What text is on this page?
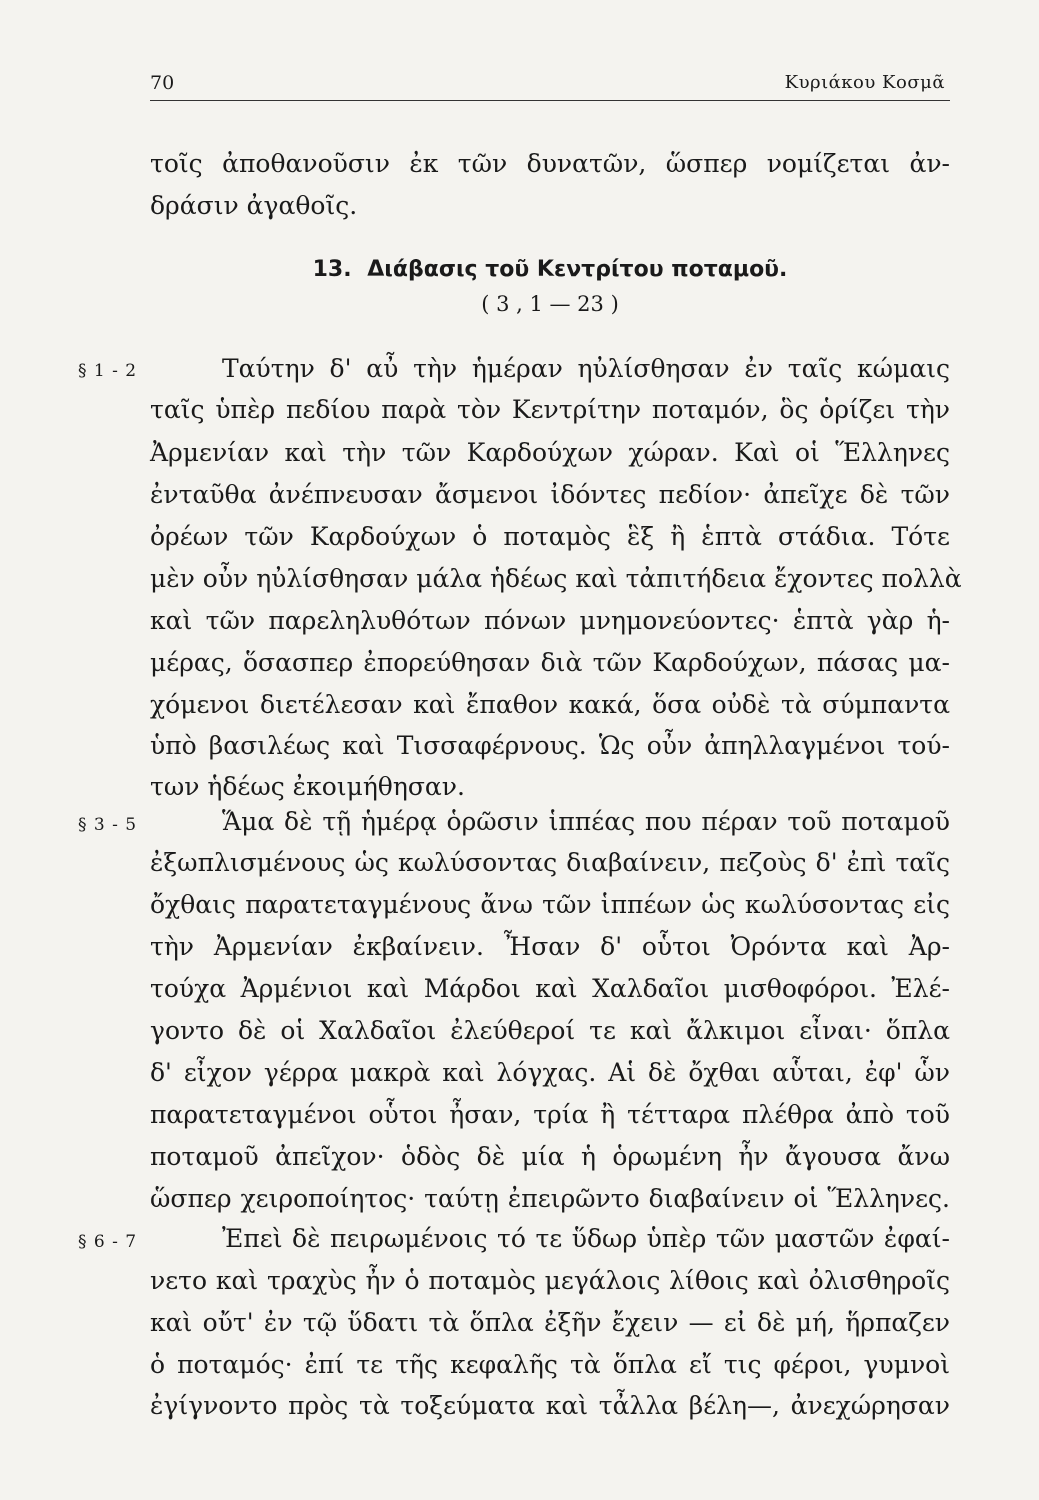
70	Κυριάκου Κοσμᾶ
τοῖς ἀποθανοῦσιν ἐκ τῶν δυνατῶν, ὥσπερ νομίζεται ἀν-
δράσιν ἀγαθοῖς.
13. Διάβασις τοῦ Κεντρίτου ποταμοῦ.
( 3 , 1 — 23 )
§ 1 - 2	Ταύτην δ' αὖ τὴν ἡμέραν ηὐλίσθησαν ἐν ταῖς κώμαις
ταῖς ὑπὲρ πεδίου παρὰ τὸν Κεντρίτην ποταμόν, ὃς ὁρίζει τὴν
Ἀρμενίαν καὶ τὴν τῶν Καρδούχων χώραν. Καὶ οἱ Ἕλληνες
ἐνταῦθα ἀνέπνευσαν ἄσμενοι ἰδόντες πεδίον· ἀπεῖχε δὲ τῶν
ὀρέων τῶν Καρδούχων ὁ ποταμὸς ἓξ ἢ ἑπτὰ στάδια. Τότε
μὲν οὖν ηὐλίσθησαν μάλα ἡδέως καὶ τἀπιτήδεια ἔχοντες πολλὰ
καὶ τῶν παρεληλυθότων πόνων μνημονεύοντες· ἑπτὰ γὰρ ἡ-
μέρας, ὅσασπερ ἐπορεύθησαν διὰ τῶν Καρδούχων, πάσας μα-
χόμενοι διετέλεσαν καὶ ἔπαθον κακά, ὅσα οὐδὲ τὰ σύμπαντα
ὑπὸ βασιλέως καὶ Τισσαφέρνους. Ὡς οὖν ἀπηλλαγμένοι τού-
των ἡδέως ἐκοιμήθησαν.
§ 3 - 5	Ἅμα δὲ τῇ ἡμέρᾳ ὁρῶσιν ἱππέας που πέραν τοῦ ποταμοῦ
ἐξωπλισμένους ὡς κωλύσοντας διαβαίνειν, πεζοὺς δ' ἐπὶ ταῖς
ὄχθαις παρατεταγμένους ἄνω τῶν ἱππέων ὡς κωλύσοντας εἰς
τὴν Ἀρμενίαν ἐκβαίνειν. Ἦσαν δ' οὗτοι Ὀρόντα καὶ Ἀρ-
τούχα Ἀρμένιοι καὶ Μάρδοι καὶ Χαλδαῖοι μισθοφόροι. Ἐλέ-
γοντο δὲ οἱ Χαλδαῖοι ἐλεύθεροί τε καὶ ἄλκιμοι εἶναι· ὅπλα
δ' εἶχον γέρρα μακρὰ καὶ λόγχας. Αἱ δὲ ὄχθαι αὗται, ἐφ' ὧν
παρατεταγμένοι οὗτοι ἦσαν, τρία ἢ τέτταρα πλέθρα ἀπὸ τοῦ
ποταμοῦ ἀπεῖχον· ὁδὸς δὲ μία ἡ ὁρωμένη ἦν ἄγουσα ἄνω
ὥσπερ χειροποίητος· ταύτῃ ἐπειρῶντο διαβαίνειν οἱ Ἕλληνες.
§ 6 - 7	Ἐπεὶ δὲ πειρωμένοις τό τε ὕδωρ ὑπὲρ τῶν μαστῶν ἐφαί-
νετο καὶ τραχὺς ἦν ὁ ποταμὸς μεγάλοις λίθοις καὶ ὀλισθηροῖς
καὶ οὔτ' ἐν τῷ ὕδατι τὰ ὅπλα ἐξῆν ἔχειν — εἰ δὲ μή, ἥρπαζεν
ὁ ποταμός· ἐπί τε τῆς κεφαλῆς τὰ ὅπλα εἴ τις φέροι, γυμνοὶ
ἐγίγνοντο πρὸς τὰ τοξεύματα καὶ τἆλλα βέλη—, ἀνεχώρησαν
